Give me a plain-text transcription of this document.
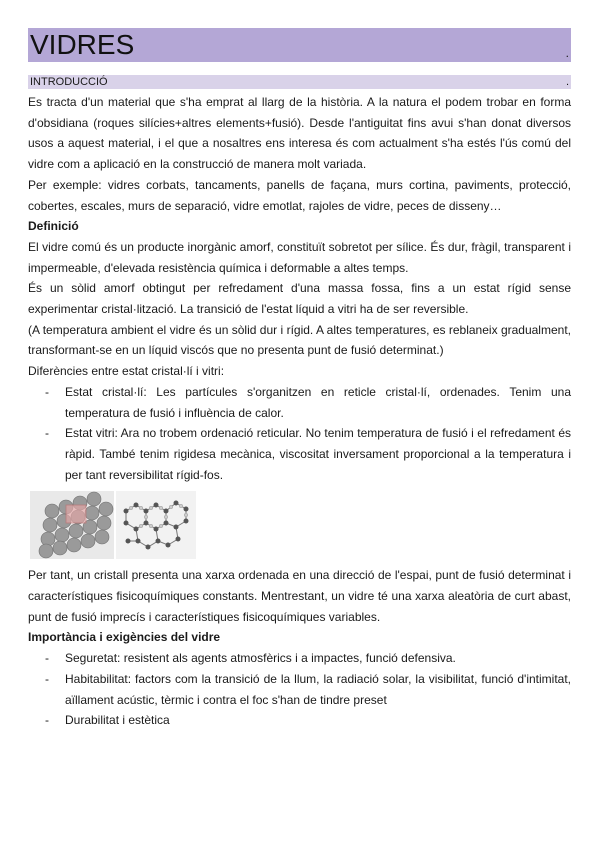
VIDRES	.
INTRODUCCIÓ	.

Es tracta d'un material que s'ha emprat al llarg de la història. A la natura el podem trobar en forma d'obsidiana (roques silícies+altres elements+fusió). Desde l'antiguitat fins avui s'han donat diversos usos a aquest material, i el que a nosaltres ens interesa és com actualment s'ha estés l'ús comú del vidre com a aplicació en la construcció de manera molt variada.

Per exemple: vidres corbats, tancaments, panells de façana, murs cortina, paviments, protecció, cobertes, escales, murs de separació, vidre emotlat, rajoles de vidre, peces de disseny…

Definició

El vidre comú és un producte inorgànic amorf, constituït sobretot per sílice. És dur, fràgil, transparent i impermeable, d'elevada resistència química i deformable a altes temps.

És un sòlid amorf obtingut per refredament d'una massa fossa, fins a un estat rígid sense experimentar cristal·lització. La transició de l'estat líquid a vitri ha de ser reversible.

(A temperatura ambient el vidre és un sòlid dur i rígid. A altes temperatures, es reblaneix gradualment, transformant-se en un líquid viscós que no presenta punt de fusió determinat.)

Diferències entre estat cristal·lí i vitri:

- Estat cristal·lí: Les partícules s'organitzen en reticle cristal·lí, ordenades. Tenim una temperatura de fusió i influència de calor.
- Estat vitri: Ara no trobem ordenació reticular. No tenim temperatura de fusió i el refredament és ràpid. També tenim rigidesa mecànica, viscositat inversament proporcional a la temperatura i per tant reversibilitat rígid-fos.

Per tant, un cristall presenta una xarxa ordenada en una direcció de l'espai, punt de fusió determinat i característiques fisicoquímiques constants. Mentrestant, un vidre té una xarxa aleatòria de curt abast, punt de fusió imprecís i característiques fisicoquímiques variables.

Importància i exigències del vidre
- Seguretat: resistent als agents atmosfèrics i a impactes, funció defensiva.
- Habitabilitat: factors com la transició de la llum, la radiació solar, la visibilitat, funció d'intimitat, aïllament acústic, tèrmic i contra el foc s'han de tindre preset
- Durabilitat i estètica
